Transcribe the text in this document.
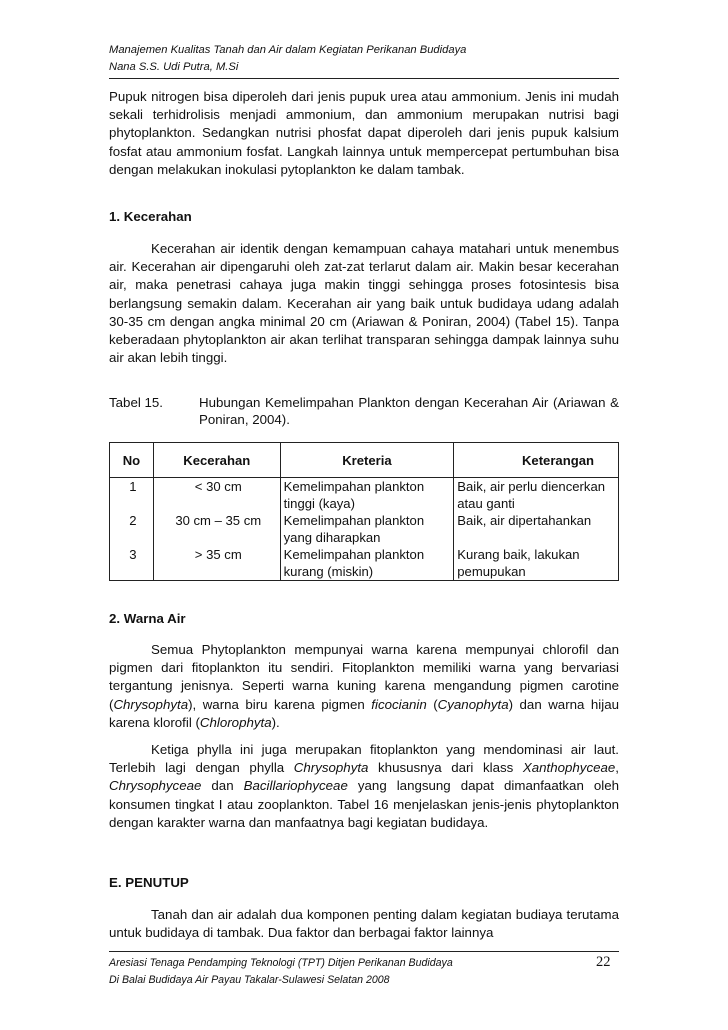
Manajemen Kualitas Tanah dan Air dalam Kegiatan Perikanan Budidaya
Nana S.S. Udi Putra, M.Si

Pupuk nitrogen bisa diperoleh dari jenis pupuk urea atau ammonium. Jenis ini mudah sekali terhidrolisis menjadi ammonium, dan ammonium merupakan nutrisi bagi phytoplankton. Sedangkan nutrisi phosfat dapat diperoleh dari jenis pupuk kalsium fosfat atau ammonium fosfat. Langkah lainnya untuk mempercepat pertumbuhan bisa dengan melakukan inokulasi pytoplankton ke dalam tambak.

1. Kecerahan

Kecerahan air identik dengan kemampuan cahaya matahari untuk menembus air. Kecerahan air dipengaruhi oleh zat-zat terlarut dalam air. Makin besar kecerahan air, maka penetrasi cahaya juga makin tinggi sehingga proses fotosintesis bisa berlangsung semakin dalam. Kecerahan air yang baik untuk budidaya udang adalah 30-35 cm dengan angka minimal 20 cm (Ariawan & Poniran, 2004) (Tabel 15). Tanpa keberadaan phytoplankton air akan terlihat transparan sehingga dampak lainnya suhu air akan lebih tinggi.

Tabel 15.	Hubungan Kemelimpahan Plankton dengan Kecerahan Air (Ariawan & Poniran, 2004).
No	Kecerahan	Kreteria	Keterangan
1	< 30 cm	Kemelimpahan plankton tinggi (kaya)	Baik, air perlu diencerkan atau ganti
2	30 cm – 35 cm	Kemelimpahan plankton yang diharapkan	Baik, air dipertahankan
3	> 35 cm	Kemelimpahan plankton kurang (miskin)	Kurang baik, lakukan pemupukan
2. Warna Air

Semua Phytoplankton mempunyai warna karena mempunyai chlorofil dan pigmen dari fitoplankton itu sendiri. Fitoplankton memiliki warna yang bervariasi tergantung jenisnya. Seperti warna kuning karena mengandung pigmen carotine (Chrysophyta), warna biru karena pigmen ficocianin (Cyanophyta) dan warna hijau karena klorofil (Chlorophyta).

Ketiga phylla ini juga merupakan fitoplankton yang mendominasi air laut. Terlebih lagi dengan phylla Chrysophyta khususnya dari klass Xanthophyceae, Chrysophyceae dan Bacillariophyceae yang langsung dapat dimanfaatkan oleh konsumen tingkat I atau zooplankton. Tabel 16 menjelaskan jenis-jenis phytoplankton dengan karakter warna dan manfaatnya bagi kegiatan budidaya.

E. PENUTUP

Tanah dan air adalah dua komponen penting dalam kegiatan budiaya terutama untuk budidaya di tambak. Dua faktor dan berbagai faktor lainnya

Aresiasi Tenaga Pendamping Teknologi (TPT) Ditjen Perikanan Budidaya
Di Balai Budidaya Air Payau Takalar-Sulawesi Selatan 2008
22
